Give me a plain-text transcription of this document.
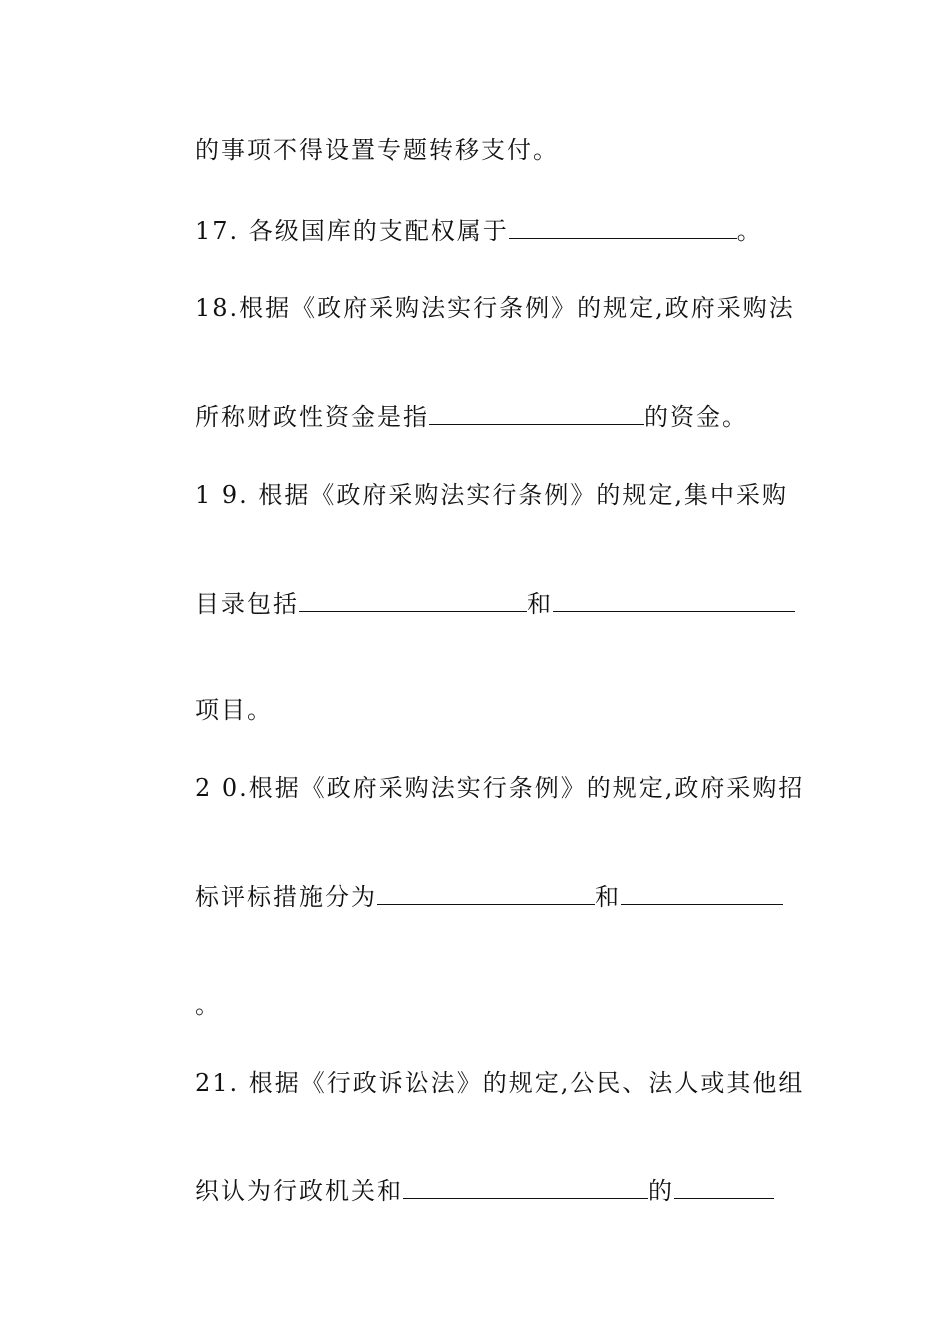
的事项不得设置专题转移支付。
17. 各级国库的支配权属于	。
18.根据《政府采购法实行条例》的规定,政府采购法
所称财政性资金是指	的资金。
1 9. 根据《政府采购法实行条例》的规定,集中采购
目录包括	和
项目。
2 0.根据《政府采购法实行条例》的规定,政府采购招
标评标措施分为	和
。
21. 根据《行政诉讼法》的规定,公民、法人或其他组
织认为行政机关和	的
